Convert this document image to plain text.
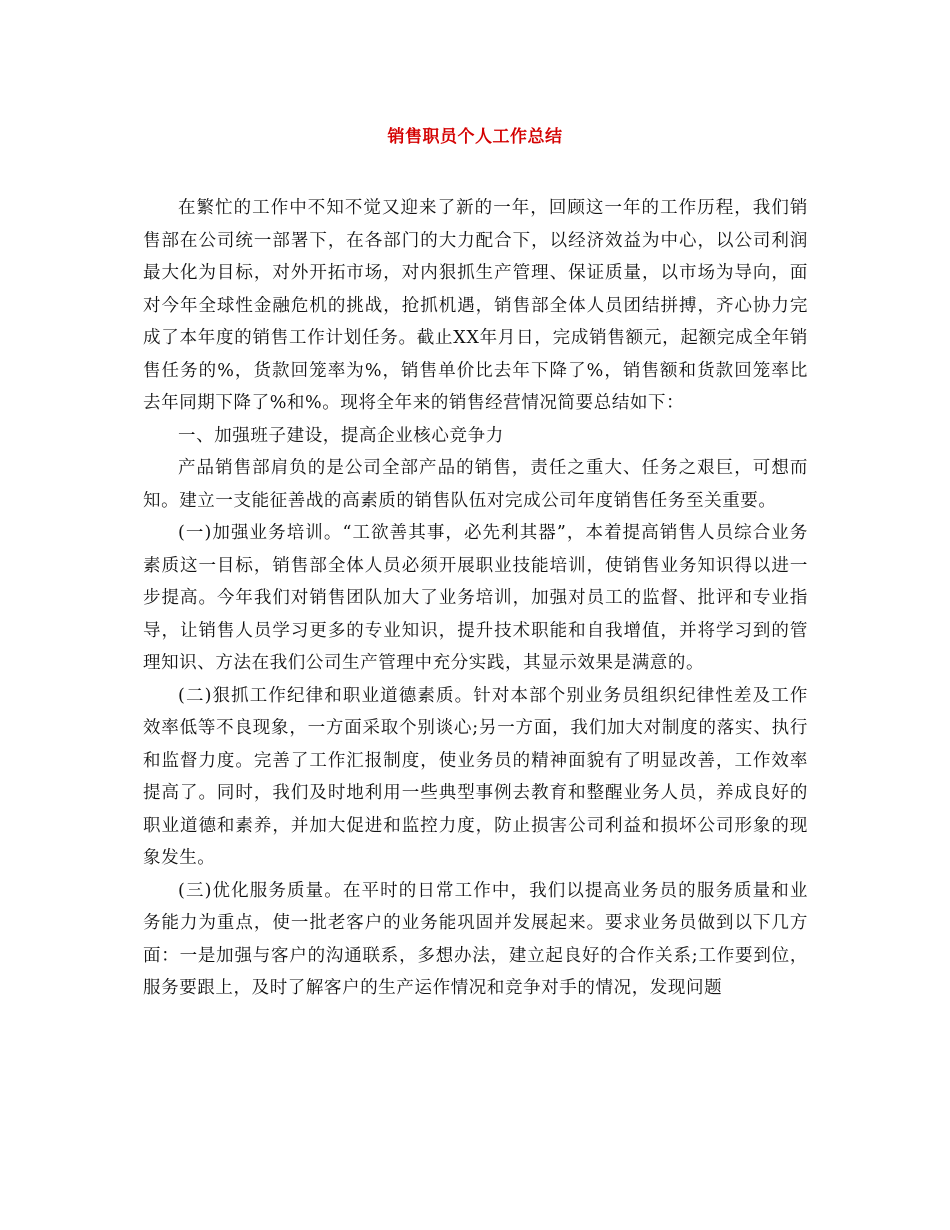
销售职员个人工作总结

在繁忙的工作中不知不觉又迎来了新的一年，回顾这一年的工作历程，我们销售部在公司统一部署下，在各部门的大力配合下，以经济效益为中心，以公司利润最大化为目标，对外开拓市场，对内狠抓生产管理、保证质量，以市场为导向，面对今年全球性金融危机的挑战，抢抓机遇，销售部全体人员团结拼搏，齐心协力完成了本年度的销售工作计划任务。截止XX年月日，完成销售额元，起额完成全年销售任务的%，货款回笼率为%，销售单价比去年下降了%，销售额和货款回笼率比去年同期下降了%和%。现将全年来的销售经营情况简要总结如下：

一、加强班子建设，提高企业核心竞争力

产品销售部肩负的是公司全部产品的销售，责任之重大、任务之艰巨，可想而知。建立一支能征善战的高素质的销售队伍对完成公司年度销售任务至关重要。

(一)加强业务培训。“工欲善其事，必先利其器”，本着提高销售人员综合业务素质这一目标，销售部全体人员必须开展职业技能培训，使销售业务知识得以进一步提高。今年我们对销售团队加大了业务培训，加强对员工的监督、批评和专业指导，让销售人员学习更多的专业知识，提升技术职能和自我增值，并将学习到的管理知识、方法在我们公司生产管理中充分实践，其显示效果是满意的。

(二)狠抓工作纪律和职业道德素质。针对本部个别业务员组织纪律性差及工作效率低等不良现象，一方面采取个别谈心;另一方面，我们加大对制度的落实、执行和监督力度。完善了工作汇报制度，使业务员的精神面貌有了明显改善，工作效率提高了。同时，我们及时地利用一些典型事例去教育和整醒业务人员，养成良好的职业道德和素养，并加大促进和监控力度，防止损害公司利益和损坏公司形象的现象发生。

(三)优化服务质量。在平时的日常工作中，我们以提高业务员的服务质量和业务能力为重点，使一批老客户的业务能巩固并发展起来。要求业务员做到以下几方面：一是加强与客户的沟通联系，多想办法，建立起良好的合作关系;工作要到位，服务要跟上，及时了解客户的生产运作情况和竞争对手的情况，发现问题
